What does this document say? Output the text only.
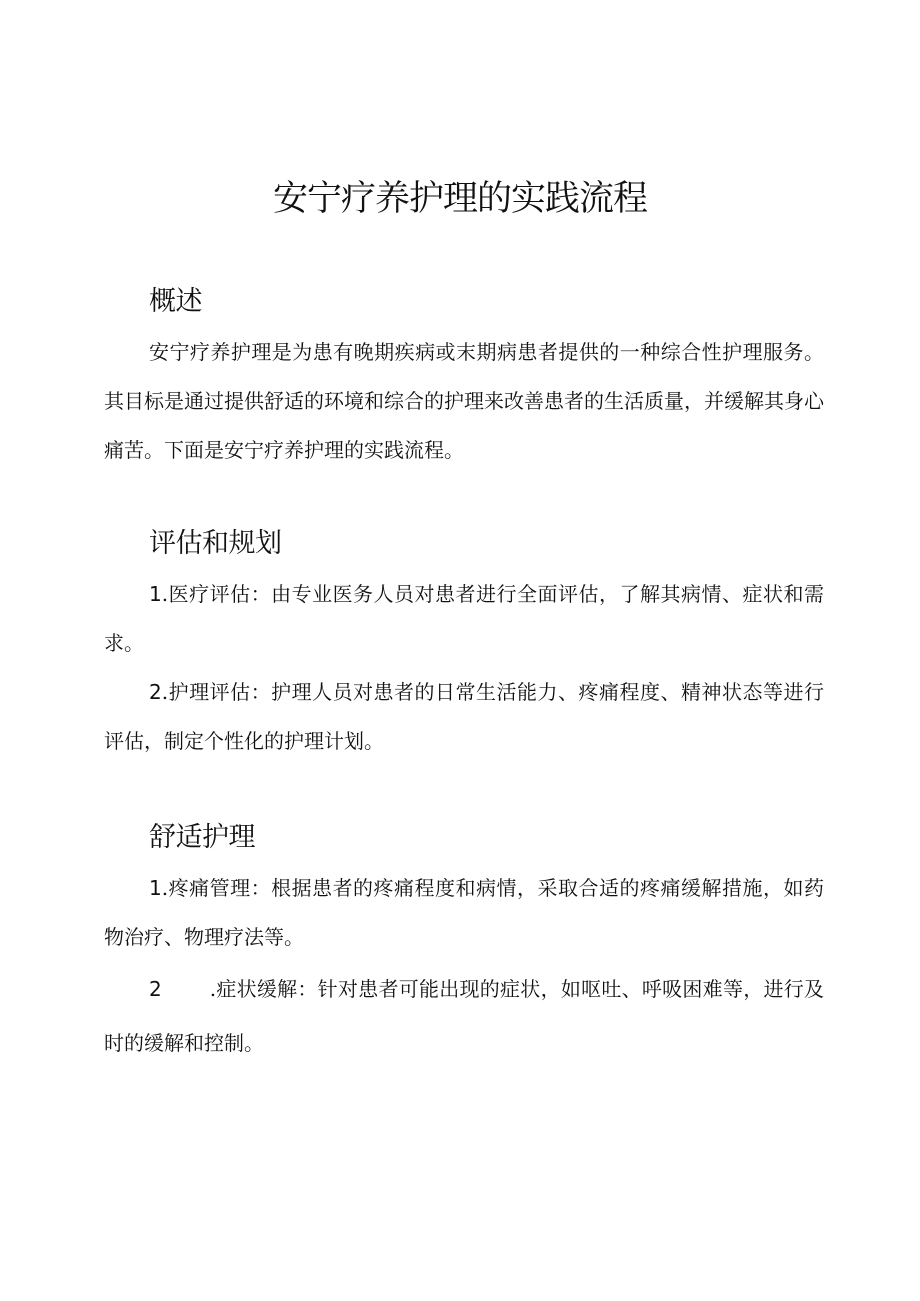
安宁疗养护理的实践流程
概述

安宁疗养护理是为患有晚期疾病或末期病患者提供的一种综合性护理服务。其目标是通过提供舒适的环境和综合的护理来改善患者的生活质量，并缓解其身心痛苦。下面是安宁疗养护理的实践流程。

评估和规划

1.医疗评估：由专业医务人员对患者进行全面评估，了解其病情、症状和需求。

2.护理评估：护理人员对患者的日常生活能力、疼痛程度、精神状态等进行评估，制定个性化的护理计划。

舒适护理

1.疼痛管理：根据患者的疼痛程度和病情，采取合适的疼痛缓解措施，如药物治疗、物理疗法等。

2 .症状缓解：针对患者可能出现的症状，如呕吐、呼吸困难等，进行及时的缓解和控制。
